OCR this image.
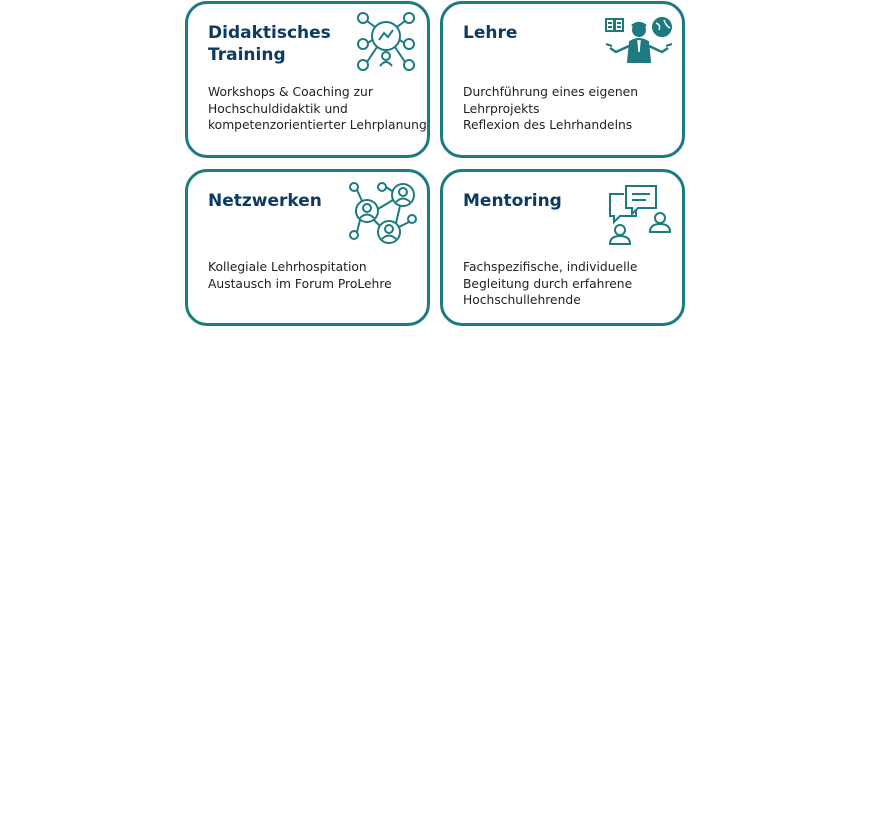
Didaktisches Training
Workshops & Coaching zur
Hochschuldidaktik und
kompetenzorientierter Lehrplanung
Lehre
Durchführung eines eigenen
Lehrprojekts
Reflexion des Lehrhandelns
Netzwerken
Kollegiale Lehrhospitation
Austausch im Forum ProLehre
Mentoring
Fachspezifische, individuelle
Begleitung durch erfahrene
Hochschullehrende
